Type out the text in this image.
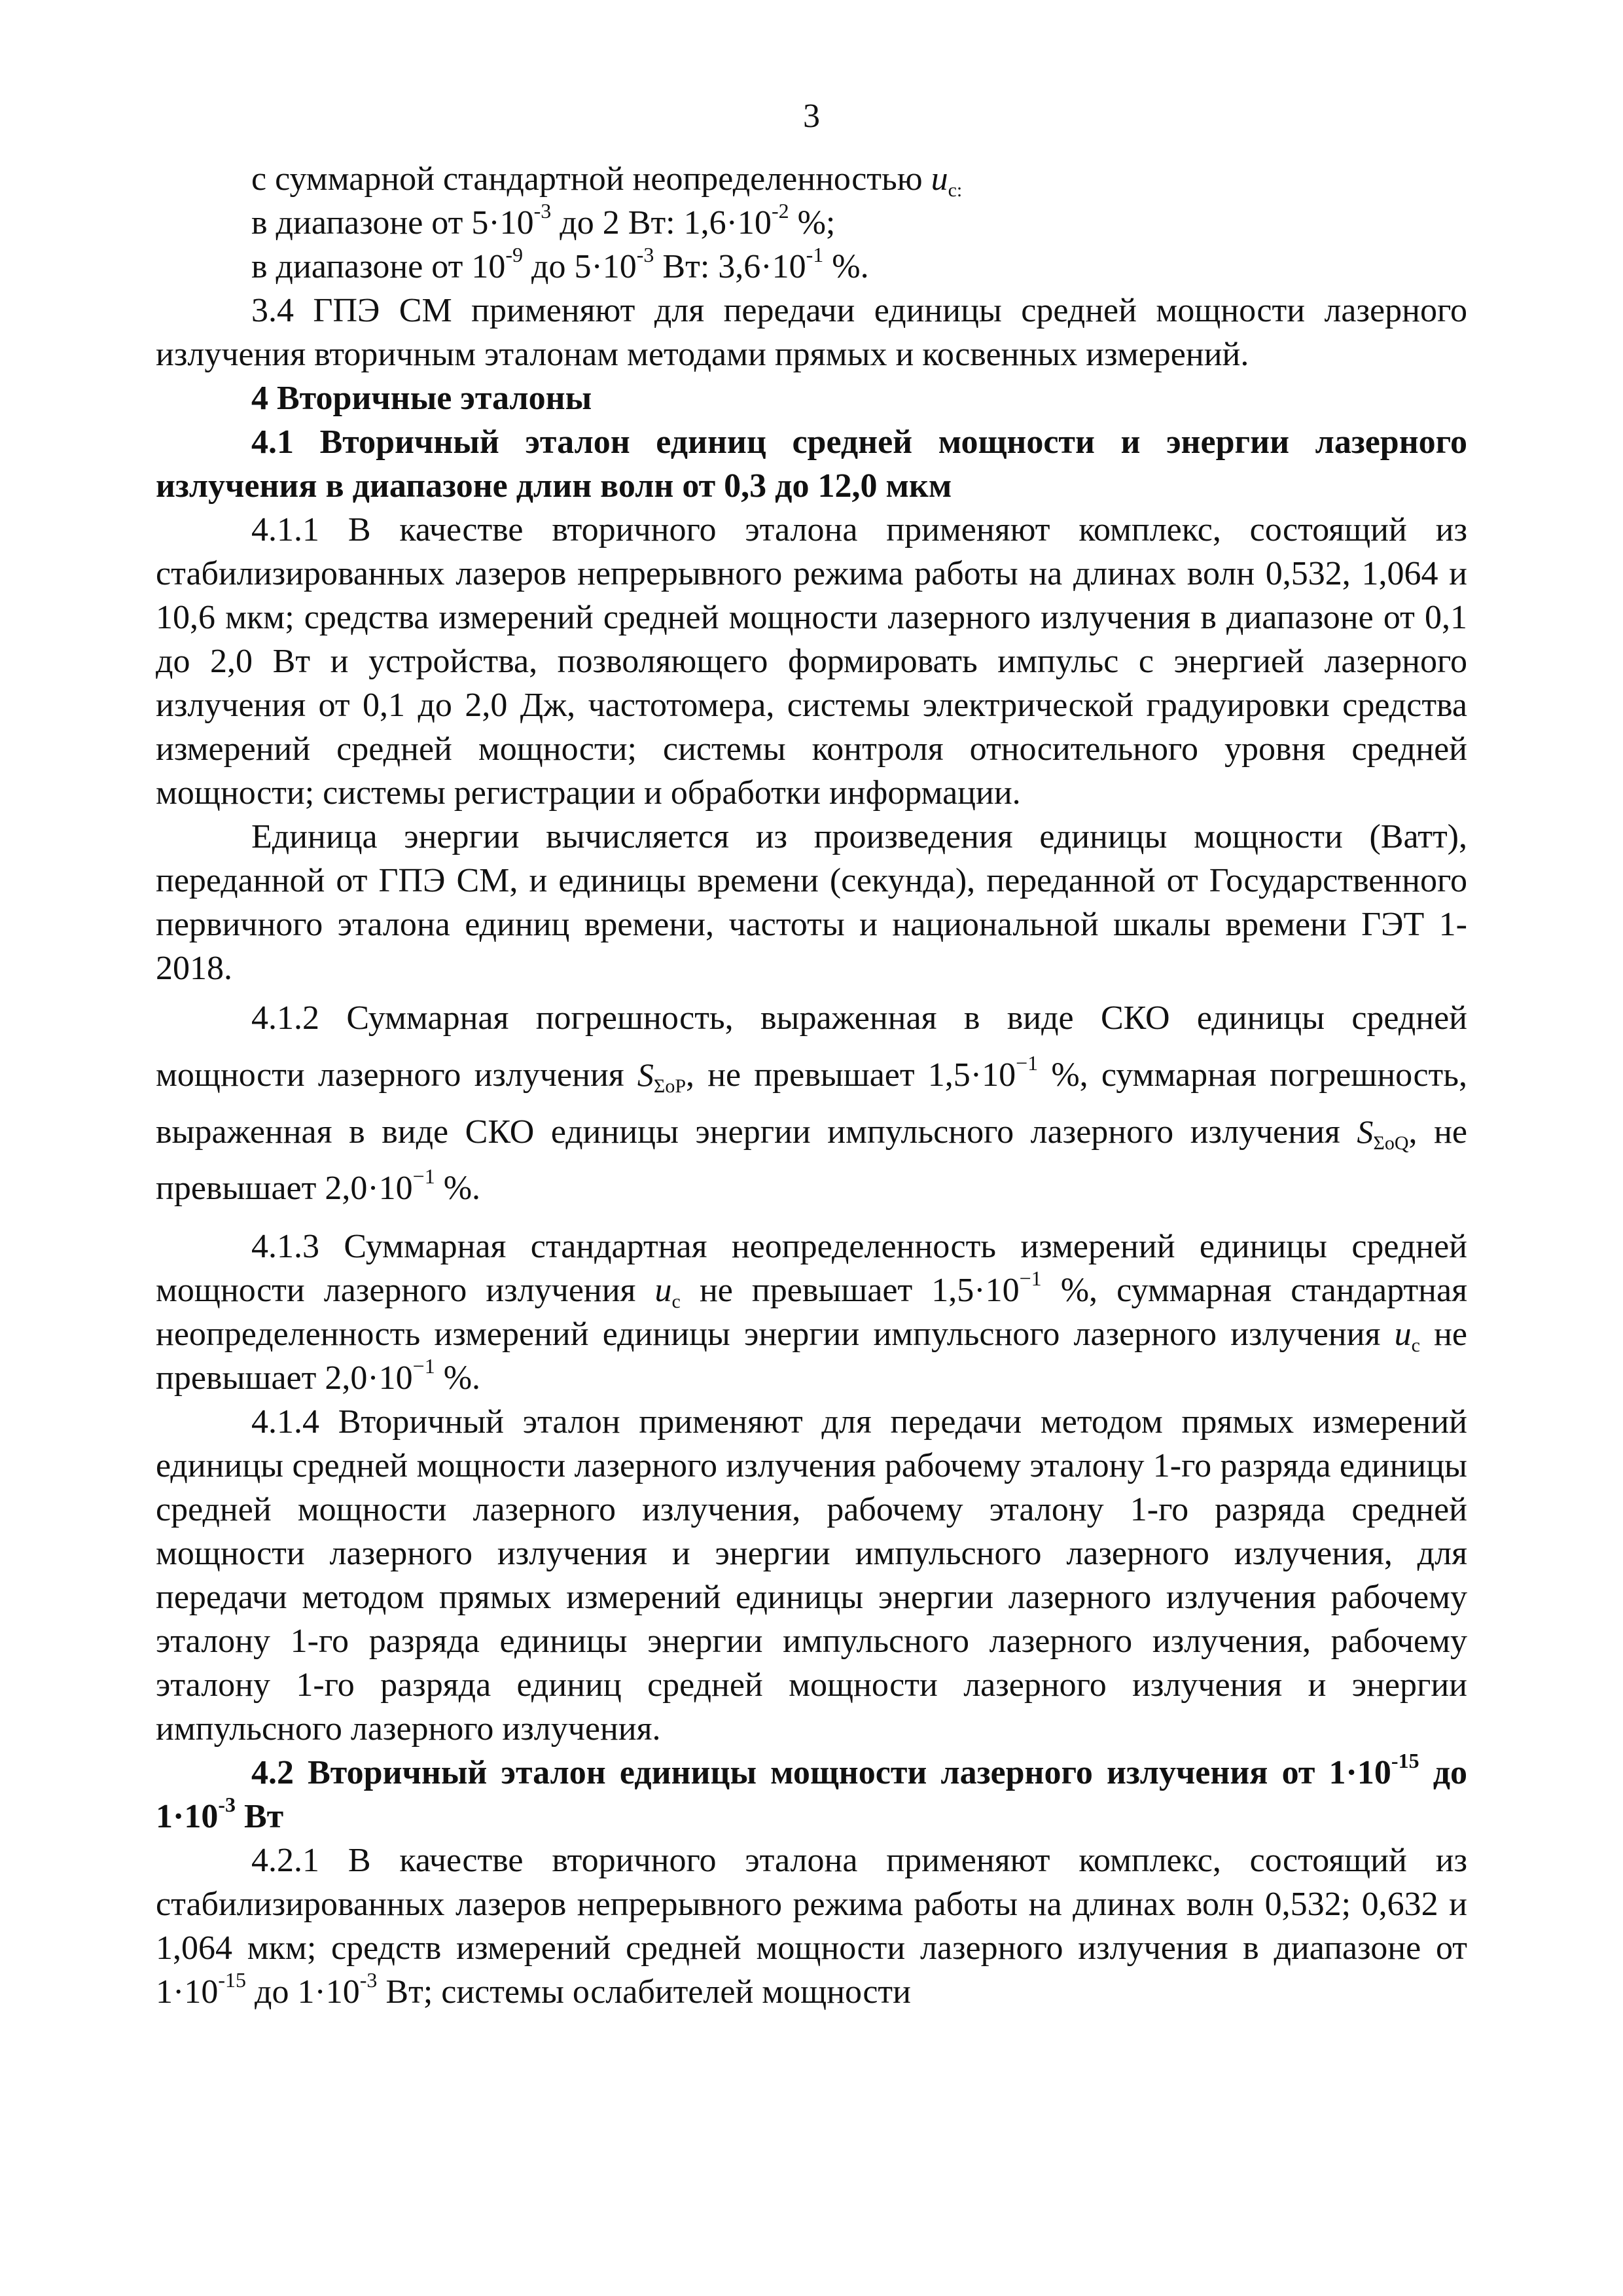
3

с суммарной стандартной неопределенностью $u_{c:}$

в диапазоне от $5\cdot 10^{-3}$ до 2 Вт: $1,6\cdot 10^{-2}$ %;

в диапазоне от $10^{-9}$ до $5\cdot 10^{-3}$ Вт: $3,6\cdot 10^{-1}$ %.

3.4 ГПЭ СМ применяют для передачи единицы средней мощности лазерного излучения вторичным эталонам методами прямых и косвенных измерений.

4 Вторичные эталоны

4.1 Вторичный эталон единиц средней мощности и энергии лазерного излучения в диапазоне длин волн от 0,3 до 12,0 мкм

4.1.1 В качестве вторичного эталона применяют комплекс, состоящий из стабилизированных лазеров непрерывного режима работы на длинах волн 0,532, 1,064 и 10,6 мкм; средства измерений средней мощности лазерного излучения в диапазоне от 0,1 до 2,0 Вт и устройства, позволяющего формировать импульс с энергией лазерного излучения от 0,1 до 2,0 Дж, частотомера, системы электрической градуировки средства измерений средней мощности; системы контроля относительного уровня средней мощности; системы регистрации и обработки информации.

Единица энергии вычисляется из произведения единицы мощности (Ватт), переданной от ГПЭ СМ, и единицы времени (секунда), переданной от Государственного первичного эталона единиц времени, частоты и национальной шкалы времени ГЭТ 1-2018.

4.1.2 Суммарная погрешность, выраженная в виде СКО единицы средней мощности лазерного излучения $S_{\Sigma oP}$, не превышает $1,5\cdot 10^{-1}$ %, суммарная погрешность, выраженная в виде СКО единицы энергии импульсного лазерного излучения $S_{\Sigma oQ}$, не превышает $2,0\cdot 10^{-1}$ %.

4.1.3 Суммарная стандартная неопределенность измерений единицы средней мощности лазерного излучения $u_c$ не превышает $1,5\cdot 10^{-1}$ %, суммарная стандартная неопределенность измерений единицы энергии импульсного лазерного излучения $u_c$ не превышает $2,0\cdot 10^{-1}$ %.

4.1.4 Вторичный эталон применяют для передачи методом прямых измерений единицы средней мощности лазерного излучения рабочему эталону 1-го разряда единицы средней мощности лазерного излучения, рабочему эталону 1-го разряда средней мощности лазерного излучения и энергии импульсного лазерного излучения, для передачи методом прямых измерений единицы энергии лазерного излучения рабочему эталону 1-го разряда единицы энергии импульсного лазерного излучения, рабочему эталону 1-го разряда единиц средней мощности лазерного излучения и энергии импульсного лазерного излучения.

4.2 Вторичный эталон единицы мощности лазерного излучения от $1\cdot 10^{-15}$ до $1\cdot 10^{-3}$ Вт

4.2.1 В качестве вторичного эталона применяют комплекс, состоящий из стабилизированных лазеров непрерывного режима работы на длинах волн 0,532; 0,632 и 1,064 мкм; средств измерений средней мощности лазерного излучения в диапазоне от $1\cdot 10^{-15}$ до $1\cdot 10^{-3}$ Вт; системы ослабителей мощности
